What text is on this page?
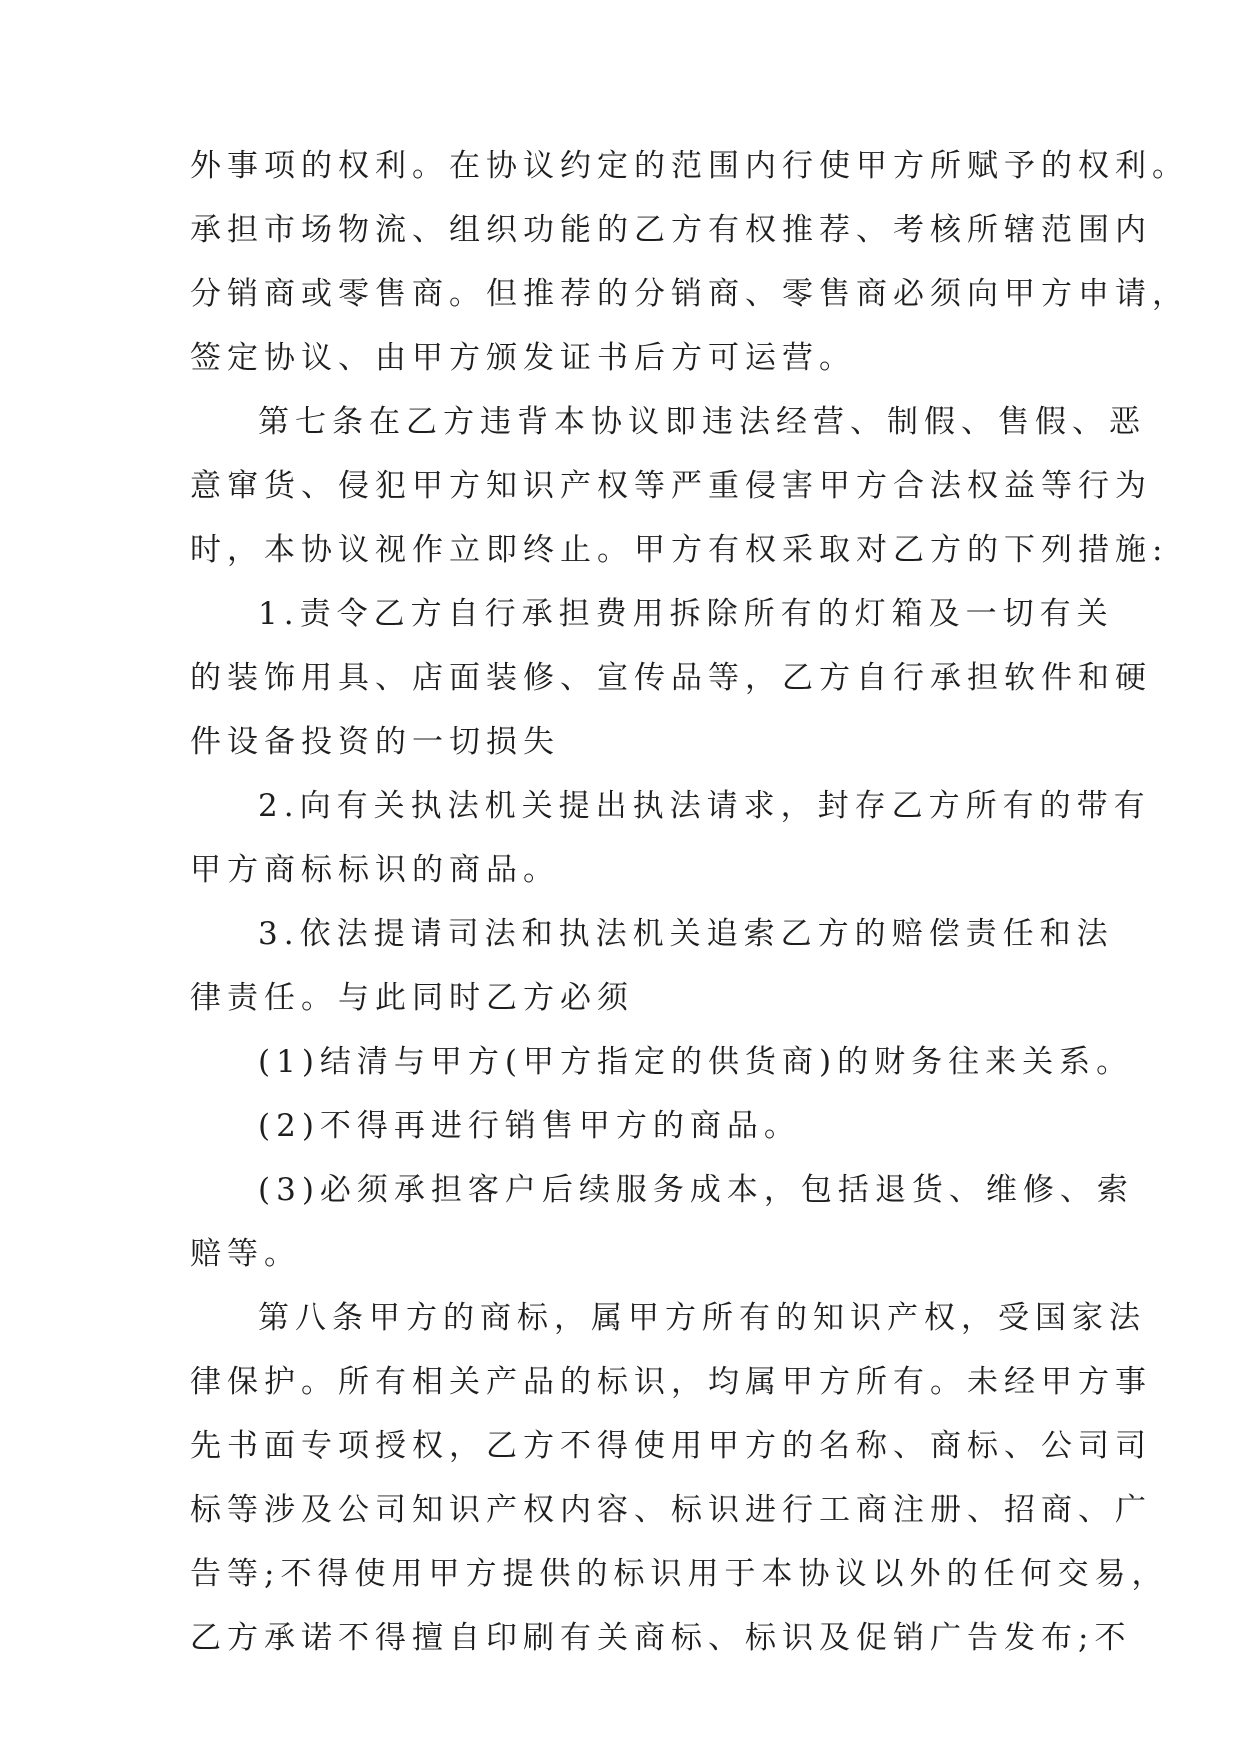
外事项的权利。在协议约定的范围内行使甲方所赋予的权利。
承担市场物流、组织功能的乙方有权推荐、考核所辖范围内
分销商或零售商。但推荐的分销商、零售商必须向甲方申请，
签定协议、由甲方颁发证书后方可运营。
第七条在乙方违背本协议即违法经营、制假、售假、恶
意窜货、侵犯甲方知识产权等严重侵害甲方合法权益等行为
时，本协议视作立即终止。甲方有权采取对乙方的下列措施:
1.责令乙方自行承担费用拆除所有的灯箱及一切有关
的装饰用具、店面装修、宣传品等，乙方自行承担软件和硬
件设备投资的一切损失
2.向有关执法机关提出执法请求，封存乙方所有的带有
甲方商标标识的商品。
3.依法提请司法和执法机关追索乙方的赔偿责任和法
律责任。与此同时乙方必须
(1)结清与甲方(甲方指定的供货商)的财务往来关系。
(2)不得再进行销售甲方的商品。
(3)必须承担客户后续服务成本，包括退货、维修、索
赔等。
第八条甲方的商标，属甲方所有的知识产权，受国家法
律保护。所有相关产品的标识，均属甲方所有。未经甲方事
先书面专项授权，乙方不得使用甲方的名称、商标、公司司
标等涉及公司知识产权内容、标识进行工商注册、招商、广
告等;不得使用甲方提供的标识用于本协议以外的任何交易，
乙方承诺不得擅自印刷有关商标、标识及促销广告发布;不
